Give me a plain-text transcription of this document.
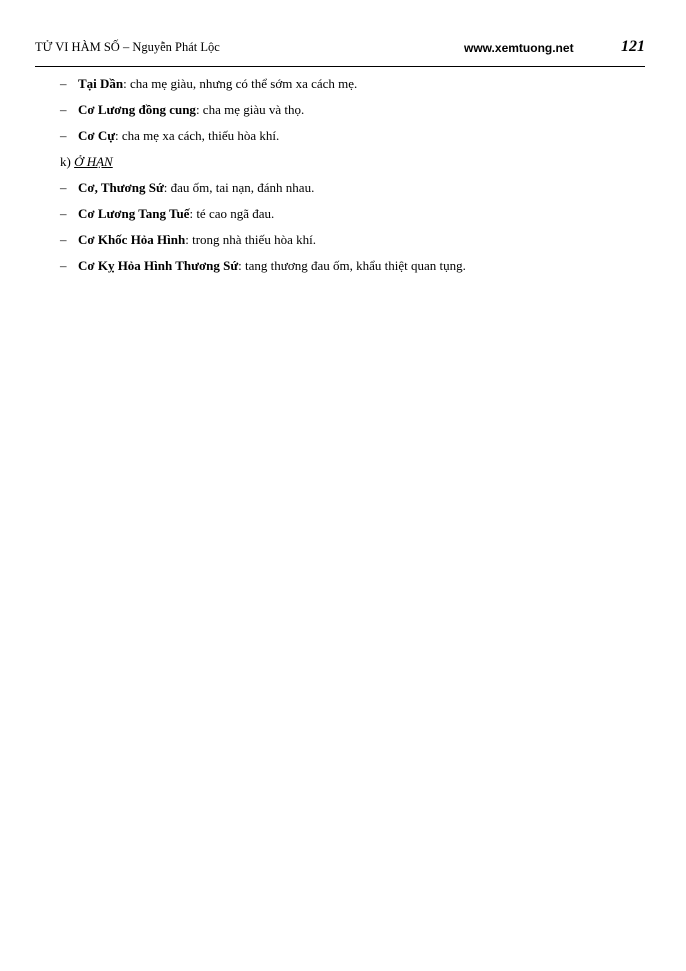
TỬ VI HÀM SỐ – Nguyễn Phát Lộc	www.xemtuong.net	121
– Tại Dần: cha mẹ giàu, nhưng có thể sớm xa cách mẹ.
– Cơ Lương đồng cung: cha mẹ giàu và thọ.
– Cơ Cự: cha mẹ xa cách, thiếu hòa khí.
k) Ở HẠN
– Cơ, Thương Sứ: đau ốm, tai nạn, đánh nhau.
– Cơ Lương Tang Tuế: té cao ngã đau.
– Cơ Khốc Hỏa Hình: trong nhà thiếu hòa khí.
– Cơ Kỵ Hỏa Hình Thương Sứ: tang thương đau ốm, khẩu thiệt quan tụng.
